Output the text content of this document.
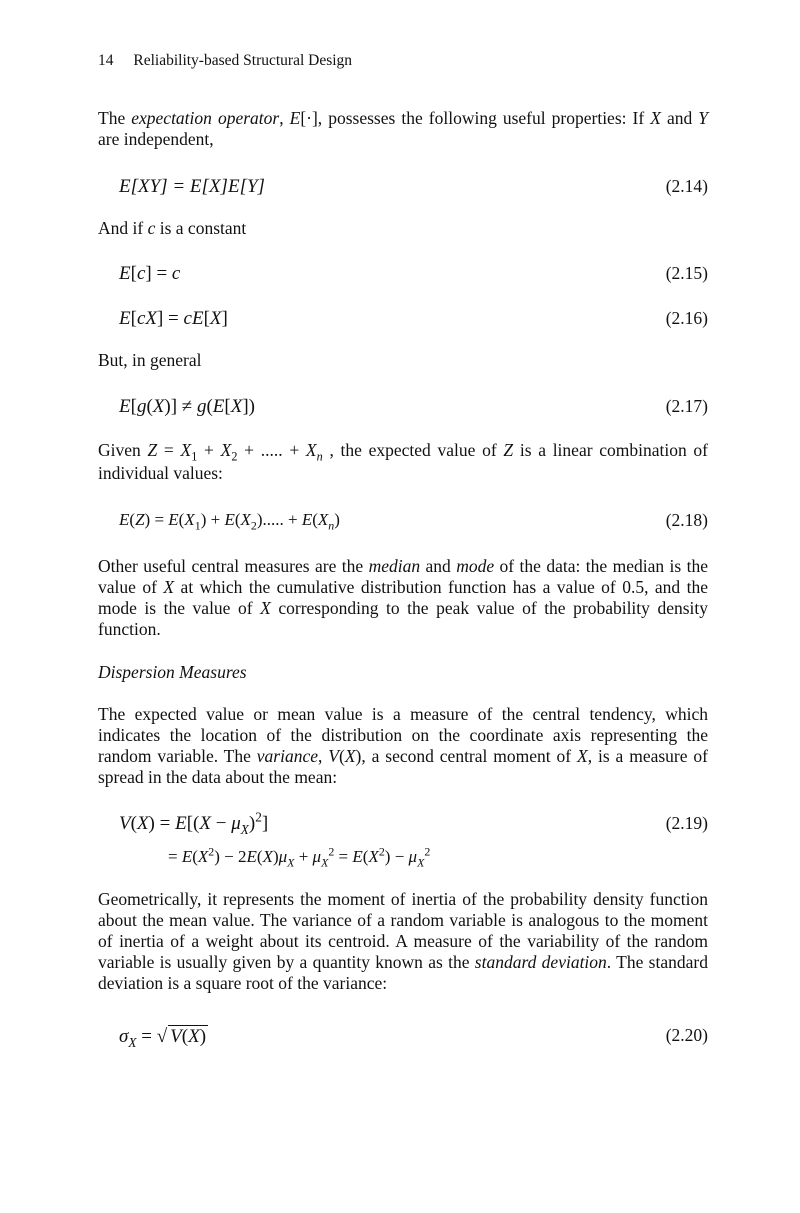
14 Reliability-based Structural Design
The expectation operator, E[·], possesses the following useful properties: If X and Y are independent,
E[XY] = E[X]E[Y]	(2.14)
And if c is a constant
E[c] = c	(2.15)
E[cX] = cE[X]	(2.16)
But, in general
E[g(X)] ≠ g(E[X])	(2.17)
Given $Z = X_1 + X_2$ + ..... + $X_n$ , the expected value of Z is a linear combination of individual values:
$E(Z) = E(X_1) + E(X_2)$..... + $E(X_n)$	(2.18)
Other useful central measures are the median and mode of the data: the median is the value of X at which the cumulative distribution function has a value of 0.5, and the mode is the value of X corresponding to the peak value of the probability density function.
Dispersion Measures
The expected value or mean value is a measure of the central tendency, which indicates the location of the distribution on the coordinate axis representing the random variable. The variance, V(X), a second central moment of X, is a measure of spread in the data about the mean:
$V(X) = E[(X - \mu_X)^2]$	(2.19)
= $E(X^2) - 2E(X)\mu_X + \mu_X^2 = E(X^2) - \mu_X^2$
Geometrically, it represents the moment of inertia of the probability density function about the mean value. The variance of a random variable is analogous to the moment of inertia of a weight about its centroid. A measure of the variability of the random variable is usually given by a quantity known as the standard deviation. The standard deviation is a square root of the variance:
$\sigma_X$ = √ V(X)	(2.20)
